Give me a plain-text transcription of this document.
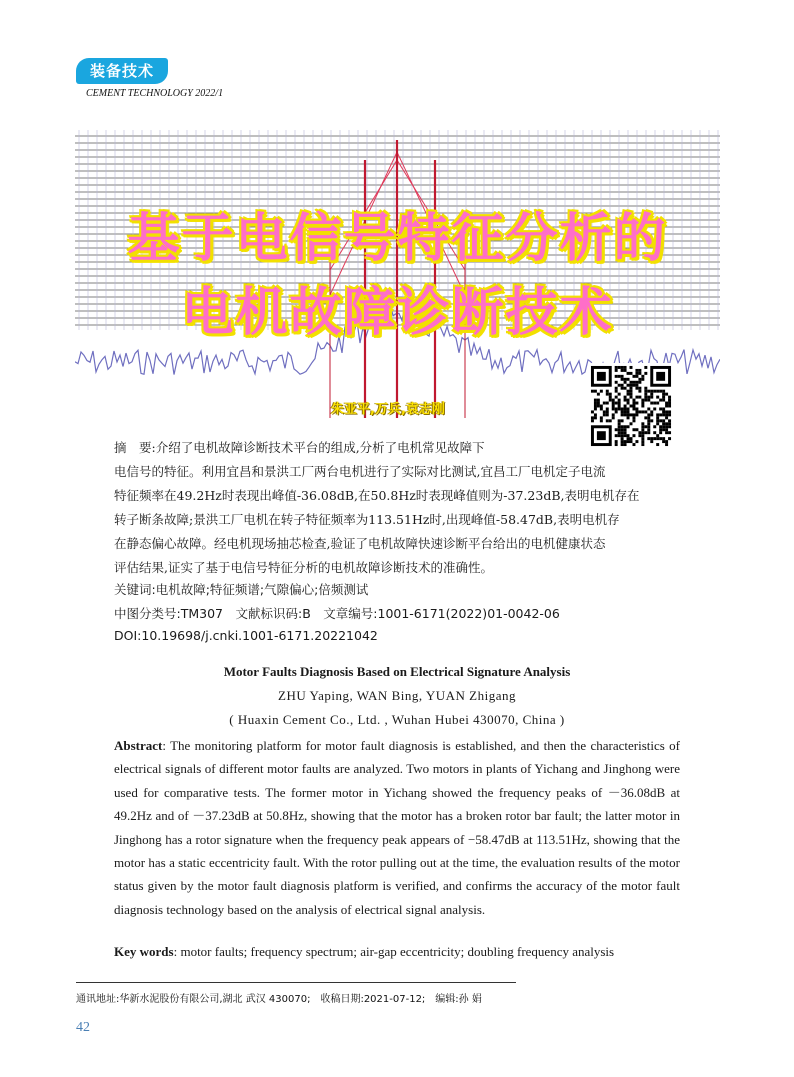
装备技术
CEMENT TECHNOLOGY 2022/1
基于电信号特征分析的
电机故障诊断技术
朱亚平,万兵,袁志刚
摘　要:介绍了电机故障诊断技术平台的组成,分析了电机常见故障下
电信号的特征。利用宜昌和景洪工厂两台电机进行了实际对比测试,宜昌工厂电机定子电流
特征频率在49.2Hz时表现出峰值-36.08dB,在50.8Hz时表现峰值则为-37.23dB,表明电机存在
转子断条故障;景洪工厂电机在转子特征频率为113.51Hz时,出现峰值-58.47dB,表明电机存
在静态偏心故障。经电机现场抽芯检查,验证了电机故障快速诊断平台给出的电机健康状态
评估结果,证实了基于电信号特征分析的电机故障诊断技术的准确性。
关键词:电机故障;特征频谱;气隙偏心;倍频测试
中图分类号:TM307　文献标识码:B　文章编号:1001-6171(2022)01-0042-06
DOI:10.19698/j.cnki.1001-6171.20221042
Motor Faults Diagnosis Based on Electrical Signature Analysis
ZHU Yaping, WAN Bing, YUAN Zhigang
( Huaxin Cement Co., Ltd. , Wuhan Hubei 430070, China )
Abstract: The monitoring platform for motor fault diagnosis is established, and then the characteristics of electrical signals of different motor faults are analyzed. Two motors in plants of Yichang and Jinghong were used for comparative tests. The former motor in Yichang showed the frequency peaks of －36.08dB at 49.2Hz and of －37.23dB at 50.8Hz, showing that the motor has a broken rotor bar fault; the latter motor in Jinghong has a rotor signature when the frequency peak appears of −58.47dB at 113.51Hz, showing that the motor has a static eccentricity fault. With the rotor pulling out at the time, the evaluation results of the motor status given by the motor fault diagnosis platform is verified, and confirms the accuracy of the motor fault diagnosis technology based on the analysis of electrical signal analysis.
Key words: motor faults; frequency spectrum; air-gap eccentricity; doubling frequency analysis
通讯地址:华新水泥股份有限公司,湖北 武汉 430070;　收稿日期:2021-07-12;　编辑:孙 娟
42
